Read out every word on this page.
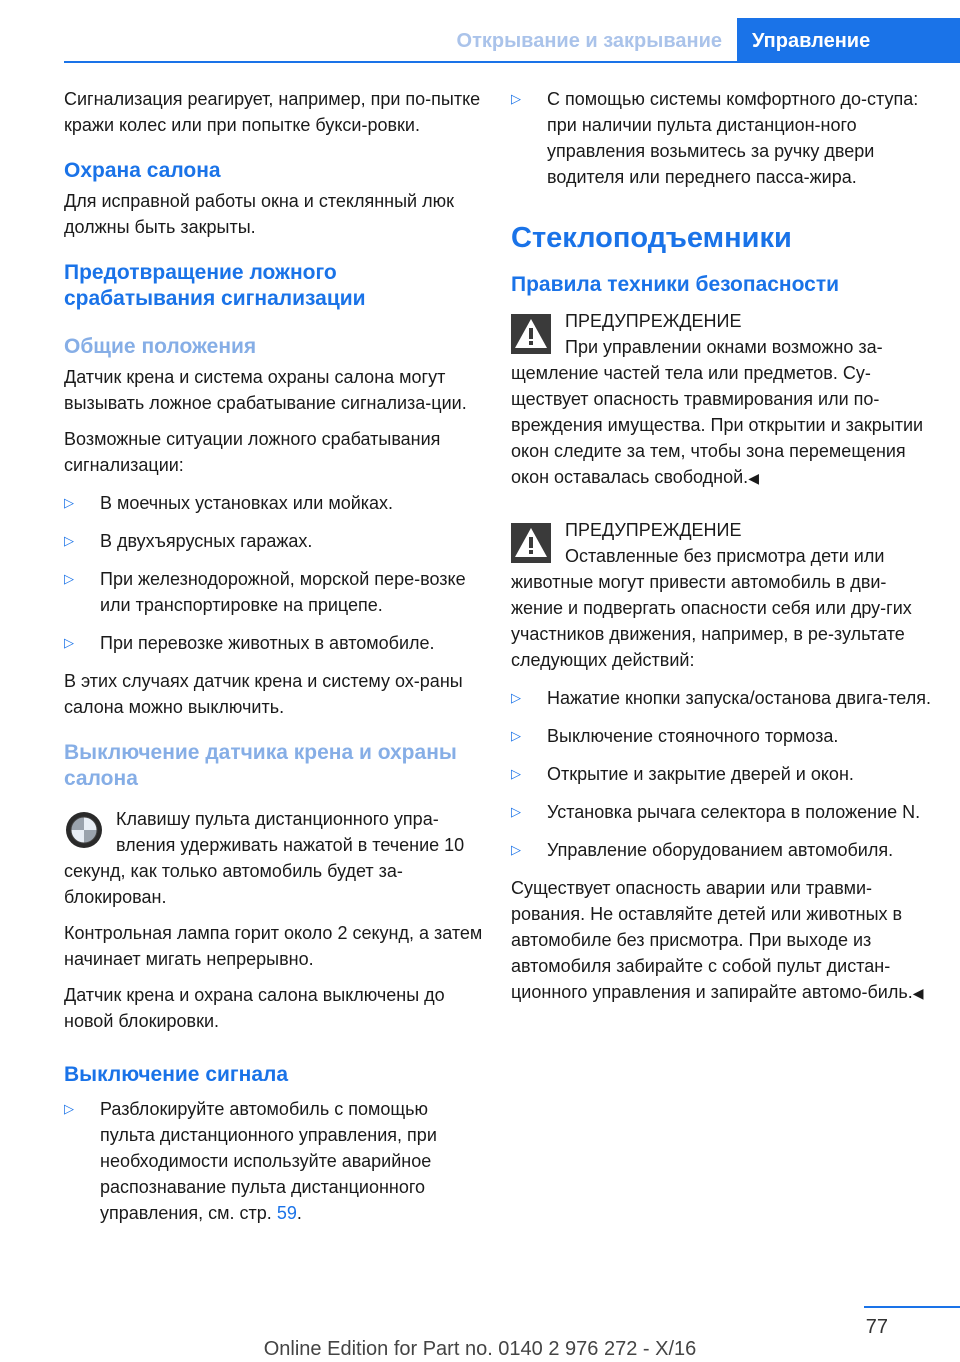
Открывание и закрывание	Управление

Сигнализация реагирует, например, при по-пытке кражи колес или при попытке букси-ровки.

Охрана салона

Для исправной работы окна и стеклянный люк должны быть закрыты.

Предотвращение ложного срабатывания сигнализации
Общие положения

Датчик крена и система охраны салона могут вызывать ложное срабатывание сигнализа-ции.

Возможные ситуации ложного срабатывания сигнализации:

▷ В моечных установках или мойках.
▷ В двухъярусных гаражах.
▷ При железнодорожной, морской пере-возке или транспортировке на прицепе.
▷ При перевозке животных в автомобиле.

В этих случаях датчик крена и систему ох-раны салона можно выключить.

Выключение датчика крена и охраны салона

Клавишу пульта дистанционного упра-вления удерживать нажатой в течение 10 секунд, как только автомобиль будет за-блокирован.

Контрольная лампа горит около 2 секунд, а затем начинает мигать непрерывно.

Датчик крена и охрана салона выключены до новой блокировки.

Выключение сигнала
▷ Разблокируйте автомобиль с помощью пульта дистанционного управления, при необходимости используйте аварийное распознавание пульта дистанционного управления, см. стр. 59.
▷ С помощью системы комфортного до-ступа: при наличии пульта дистанцион-ного управления возьмитесь за ручку двери водителя или переднего пасса-жира.
Стеклоподъемники
Правила техники безопасности
ПРЕДУПРЕЖДЕНИЕ
При управлении окнами возможно за-щемление частей тела или предметов. Су-ществует опасность травмирования или по-вреждения имущества. При открытии и закрытии окон следите за тем, чтобы зона перемещения окон оставалась свободной.◀
ПРЕДУПРЕЖДЕНИЕ
Оставленные без присмотра дети или животные могут привести автомобиль в дви-жение и подвергать опасности себя или дру-гих участников движения, например, в ре-зультате следующих действий:
▷ Нажатие кнопки запуска/останова двига-теля.
▷ Выключение стояночного тормоза.
▷ Открытие и закрытие дверей и окон.
▷ Установка рычага селектора в положение N.
▷ Управление оборудованием автомобиля.

Существует опасность аварии или травми-рования. Не оставляйте детей или животных в автомобиле без присмотра. При выходе из автомобиля забирайте с собой пульт дистан-ционного управления и запирайте автомо-биль.◀

77
Online Edition for Part no. 0140 2 976 272 - X/16
